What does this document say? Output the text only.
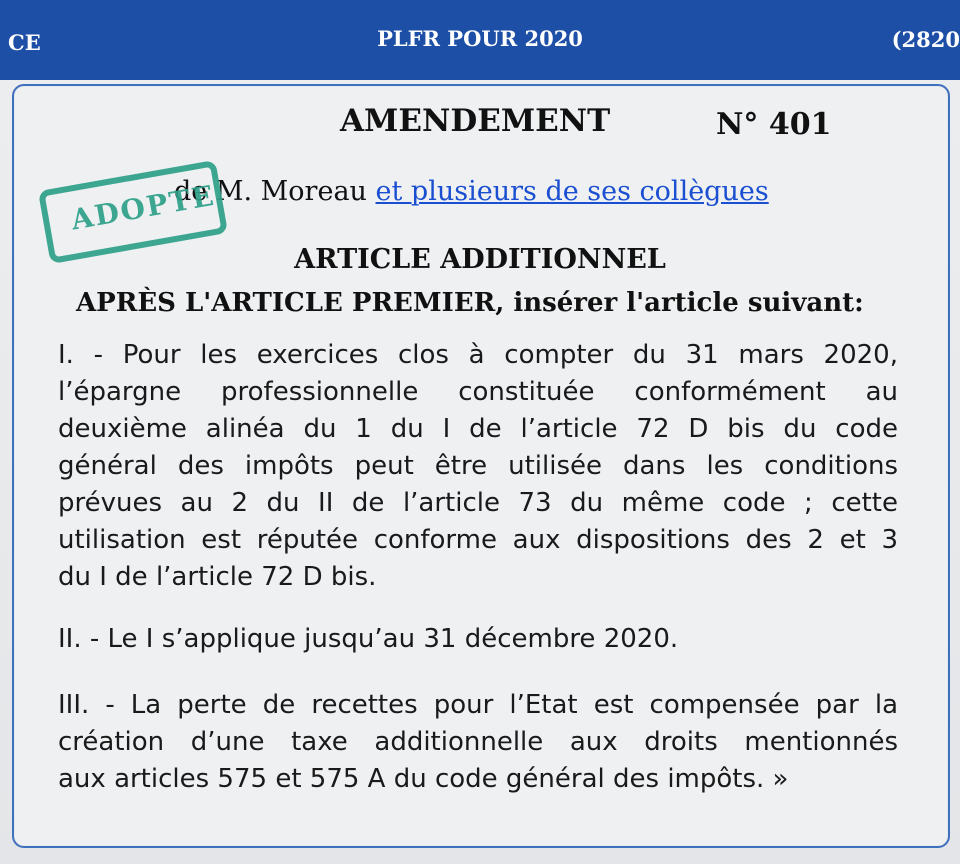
CE	PLFR POUR 2020	(2820
AMENDEMENT	N° 401
de M. Moreau et plusieurs de ses collègues
ADOPTE
ARTICLE ADDITIONNEL
APRÈS L'ARTICLE PREMIER, insérer l'article suivant:
I. - Pour les exercices clos à compter du 31 mars 2020,
l’épargne professionnelle constituée conformément au
deuxième alinéa du 1 du I de l’article 72 D bis du code
général des impôts peut être utilisée dans les conditions
prévues au 2 du II de l’article 73 du même code ; cette
utilisation est réputée conforme aux dispositions des 2 et 3
du I de l’article 72 D bis.
II. - Le I s’applique jusqu’au 31 décembre 2020.
III. - La perte de recettes pour l’Etat est compensée par la
création d’une taxe additionnelle aux droits mentionnés
aux articles 575 et 575 A du code général des impôts. »
